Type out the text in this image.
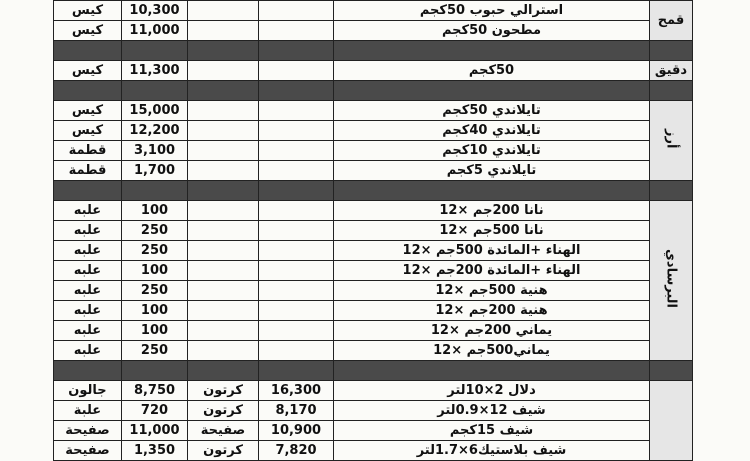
قمح	استرالي حبوب 50كجم			10,300	كيس
	مطحون 50كجم			11,000	كيس

دقيق	50كجم			11,300	كيس

أرز	تايلاندي 50كجم			15,000	كيس
	تايلاندي 40كجم			12,200	كيس
	تايلاندي 10كجم			3,100	قطمة
	تايلاندي 5كجم			1,700	قطمة

البرسادي	نانا 200جم ×12			100	علبه
	نانا 500جم ×12			250	علبه
	الهناء +المائدة 500جم ×12			250	علبه
	الهناء +المائدة 200جم ×12			100	علبه
	هنية 500جم ×12			250	علبه
	هنية 200جم ×12			100	علبه
	يماني 200جم ×12			100	علبه
	يماني500جم ×12			250	علبه

	دلال 2×10لتر	16,300	كرتون	8,750	جالون
	شيف 12×0.9لتر	8,170	كرتون	720	علبة
	شيف 15كجم	10,900	صفيحة	11,000	صفيحة
	شيف بلاستيك6×1.7لتر	7,820	كرتون	1,350	صفيحة
